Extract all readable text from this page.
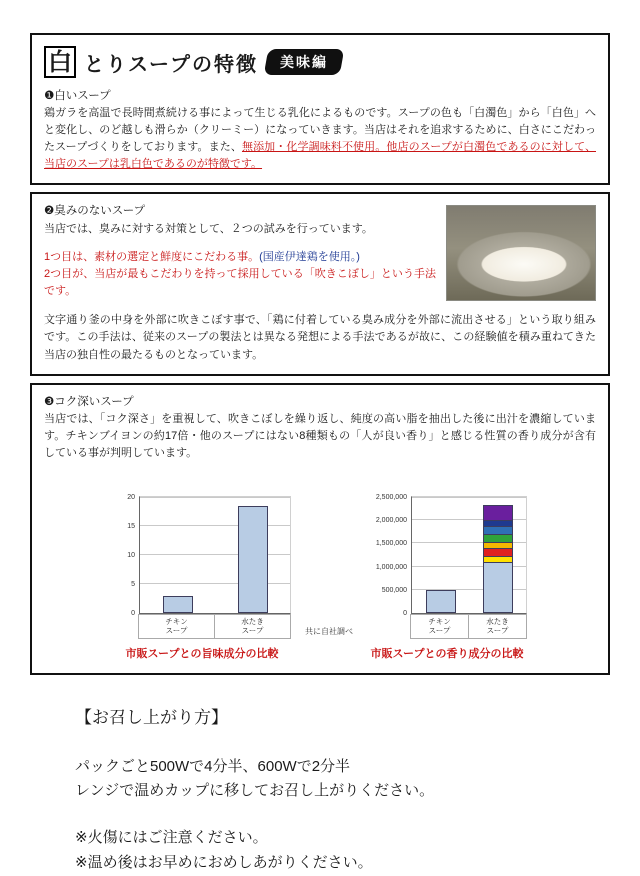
白 とりスープの特徴	美味編
❶白いスープ
鶏ガラを高温で長時間煮続ける事によって生じる乳化によるものです。スープの色も「白濁色」から「白色」へと変化し、のど越しも滑らか（クリーミー）になっていきます。当店はそれを追求するために、白さにこだわったスープづくりをしております。また、無添加・化学調味料不使用。他店のスープが白濁色であるのに対して、当店のスープは乳白色であるのが特徴です。
❷臭みのないスープ
当店では、臭みに対する対策として、２つの試みを行っています。
1つ目は、素材の選定と鮮度にこだわる事。(国産伊達鶏を使用。)
2つ目が、当店が最もこだわりを持って採用している「吹きこぼし」という手法です。
文字通り釜の中身を外部に吹きこぼす事で、「鶏に付着している臭み成分を外部に流出させる」という取り組みです。この手法は、従来のスープの製法とは異なる発想による手法であるが故に、この経験値を積み重ねてきた当店の独自性の最たるものとなっています。
❸コク深いスープ
当店では、「コク深さ」を重視して、吹きこぼしを繰り返し、純度の高い脂を抽出した後に出汁を濃縮しています。チキンブイヨンの約17倍・他のスープにはない8種類もの「人が良い香り」と感じる性質の香り成分が含有している事が判明しています。
0
5
10
15
20
チキン
スープ
水たき
スープ
市販スープとの旨味成分の比較
共に自社調べ
0
500,000
1,000,000
1,500,000
2,000,000
2,500,000
チキン
スープ
水たき
スープ
市販スープとの香り成分の比較
【お召し上がり方】
パックごと500Wで4分半、600Wで2分半
レンジで温めカップに移してお召し上がりください。
※火傷にはご注意ください。
※温め後はお早めにおめしあがりください。
